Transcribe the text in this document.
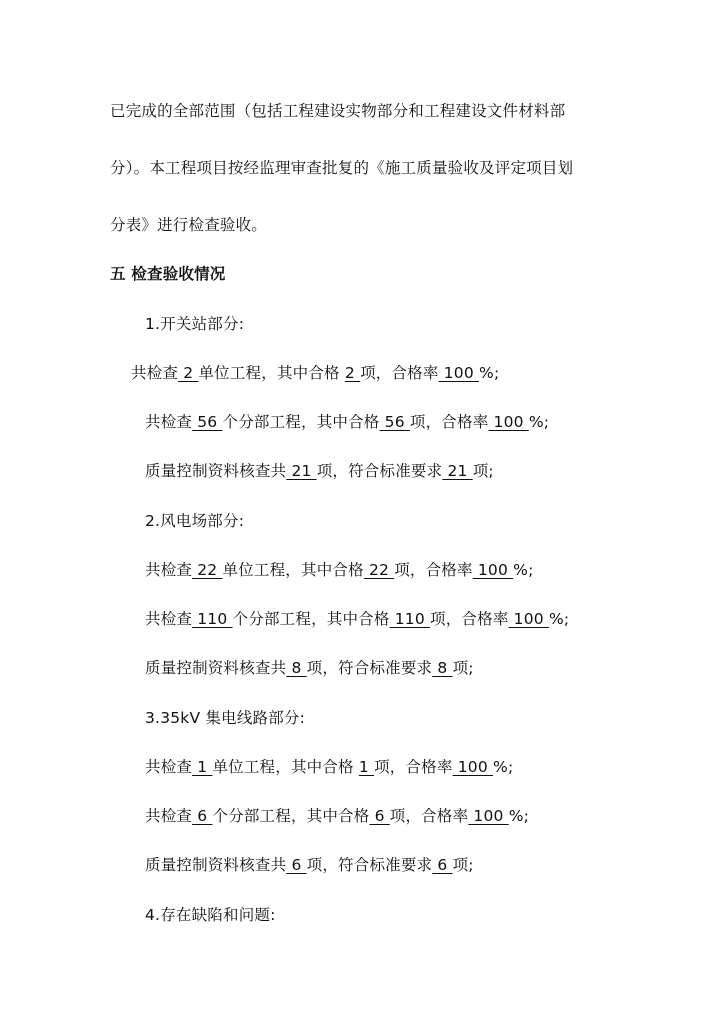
已完成的全部范围（包括工程建设实物部分和工程建设文件材料部
分）。本工程项目按经监理审查批复的《施工质量验收及评定项目划
分表》进行检查验收。
五 检查验收情况
1.开关站部分:
共检查 2 单位工程，其中合格 2 项，合格率 100 %;
共检查 56 个分部工程，其中合格 56 项，合格率 100 %;
质量控制资料核查共 21 项，符合标准要求 21 项;
2.风电场部分:
共检查 22 单位工程，其中合格 22 项，合格率 100 %;
共检查 110 个分部工程，其中合格 110 项，合格率 100 %;
质量控制资料核查共 8 项，符合标准要求 8 项;
3.35kV 集电线路部分:
共检查 1 单位工程，其中合格 1 项，合格率 100 %;
共检查 6 个分部工程，其中合格 6 项，合格率 100 %;
质量控制资料核查共 6 项，符合标准要求 6 项;
4.存在缺陷和问题:
